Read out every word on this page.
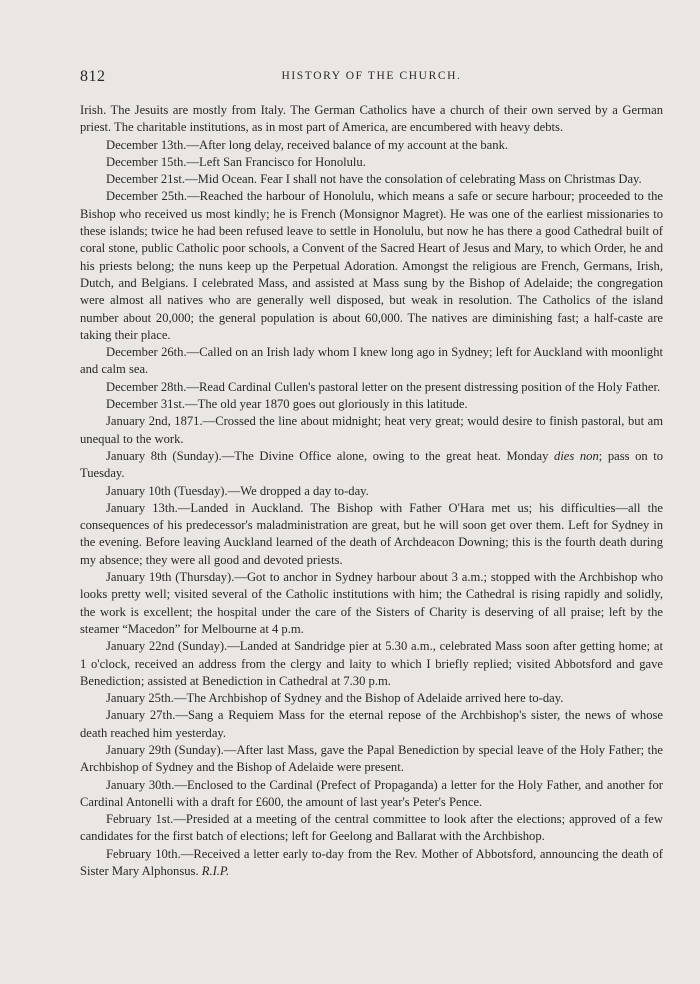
812	HISTORY OF THE CHURCH.

Irish. The Jesuits are mostly from Italy. The German Catholics have a church of their own served by a German priest. The charitable institutions, as in most part of America, are encumbered with heavy debts.

December 13th.—After long delay, received balance of my account at the bank.

December 15th.—Left San Francisco for Honolulu.

December 21st.—Mid Ocean. Fear I shall not have the consolation of celebrating Mass on Christmas Day.

December 25th.—Reached the harbour of Honolulu, which means a safe or secure harbour; proceeded to the Bishop who received us most kindly; he is French (Monsignor Magret). He was one of the earliest missionaries to these islands; twice he had been refused leave to settle in Honolulu, but now he has there a good Cathedral built of coral stone, public Catholic poor schools, a Convent of the Sacred Heart of Jesus and Mary, to which Order, he and his priests belong; the nuns keep up the Perpetual Adoration. Amongst the religious are French, Germans, Irish, Dutch, and Belgians. I celebrated Mass, and assisted at Mass sung by the Bishop of Adelaide; the congregation were almost all natives who are generally well disposed, but weak in resolution. The Catholics of the island number about 20,000; the general population is about 60,000. The natives are diminishing fast; a half-caste are taking their place.

December 26th.—Called on an Irish lady whom I knew long ago in Sydney; left for Auckland with moonlight and calm sea.

December 28th.—Read Cardinal Cullen's pastoral letter on the present distressing position of the Holy Father.

December 31st.—The old year 1870 goes out gloriously in this latitude.

January 2nd, 1871.—Crossed the line about midnight; heat very great; would desire to finish pastoral, but am unequal to the work.

January 8th (Sunday).—The Divine Office alone, owing to the great heat. Monday dies non; pass on to Tuesday.

January 10th (Tuesday).—We dropped a day to-day.

January 13th.—Landed in Auckland. The Bishop with Father O'Hara met us; his difficulties—all the consequences of his predecessor's maladministration are great, but he will soon get over them. Left for Sydney in the evening. Before leaving Auckland learned of the death of Archdeacon Downing; this is the fourth death during my absence; they were all good and devoted priests.

January 19th (Thursday).—Got to anchor in Sydney harbour about 3 a.m.; stopped with the Archbishop who looks pretty well; visited several of the Catholic institutions with him; the Cathedral is rising rapidly and solidly, the work is excellent; the hospital under the care of the Sisters of Charity is deserving of all praise; left by the steamer “Macedon” for Melbourne at 4 p.m.

January 22nd (Sunday).—Landed at Sandridge pier at 5.30 a.m., celebrated Mass soon after getting home; at 1 o'clock, received an address from the clergy and laity to which I briefly replied; visited Abbotsford and gave Benediction; assisted at Benediction in Cathedral at 7.30 p.m.

January 25th.—The Archbishop of Sydney and the Bishop of Adelaide arrived here to-day.

January 27th.—Sang a Requiem Mass for the eternal repose of the Archbishop's sister, the news of whose death reached him yesterday.

January 29th (Sunday).—After last Mass, gave the Papal Benediction by special leave of the Holy Father; the Archbishop of Sydney and the Bishop of Adelaide were present.

January 30th.—Enclosed to the Cardinal (Prefect of Propaganda) a letter for the Holy Father, and another for Cardinal Antonelli with a draft for £600, the amount of last year's Peter's Pence.

February 1st.—Presided at a meeting of the central committee to look after the elections; approved of a few candidates for the first batch of elections; left for Geelong and Ballarat with the Archbishop.

February 10th.—Received a letter early to-day from the Rev. Mother of Abbotsford, announcing the death of Sister Mary Alphonsus. R.I.P.
